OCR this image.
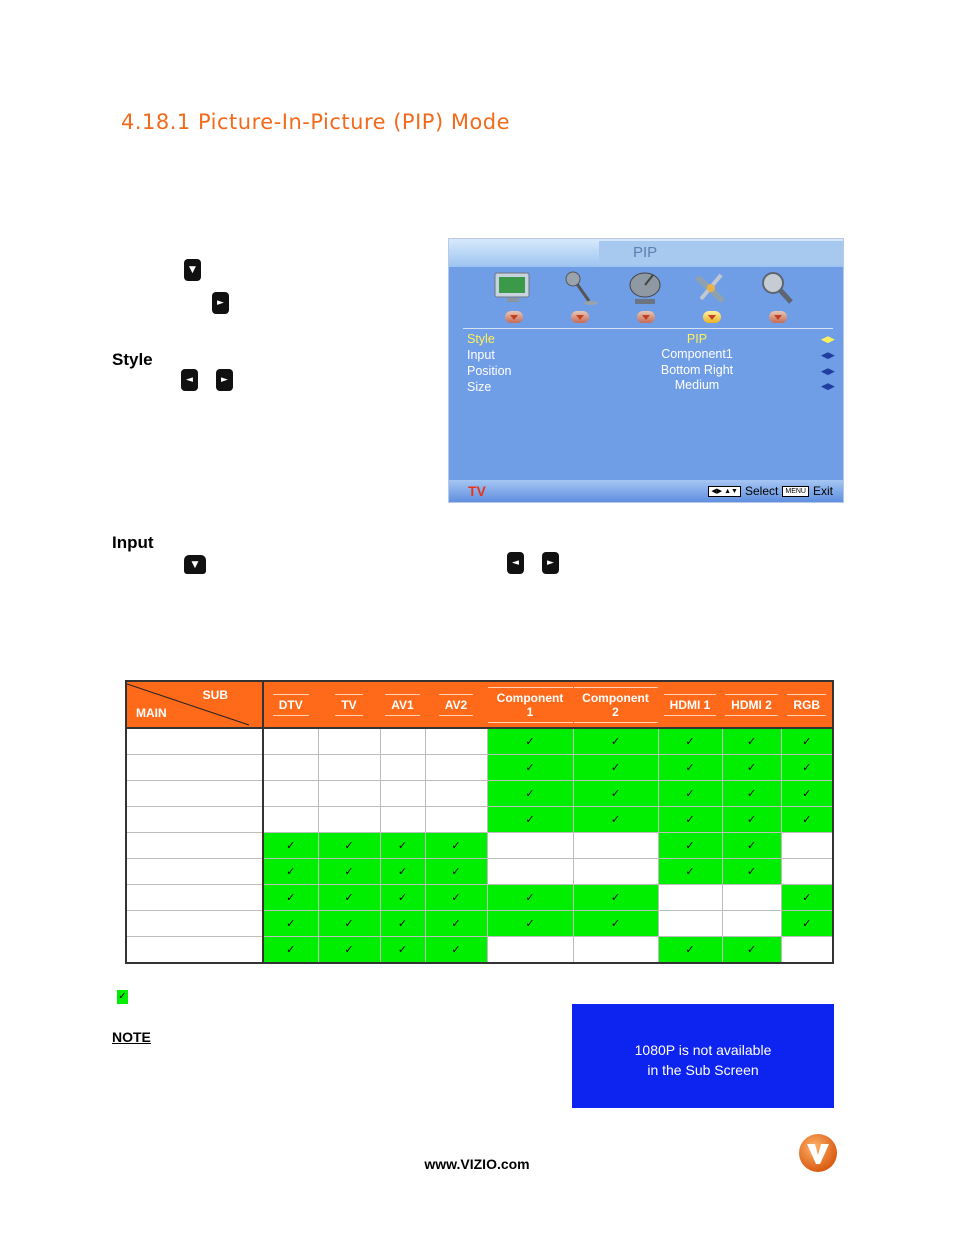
4.18.1 Picture-In-Picture (PIP) Mode
▼
►
Style
◄	►
Input
▼	◄	►
PIP
Style	PIP	◀▶
Input	Component1	◀▶
Position	Bottom Right	◀▶
Size	Medium	◀▶
TV	◀▶ ▲▼ Select	MENU Exit
SUB
MAIN	DTV	TV	AV1	AV2	Component 1	Component 2	HDMI 1	HDMI 2	RGB
					✓	✓	✓	✓	✓
					✓	✓	✓	✓	✓
					✓	✓	✓	✓	✓
					✓	✓	✓	✓	✓
	✓	✓	✓	✓			✓	✓	
	✓	✓	✓	✓			✓	✓	
	✓	✓	✓	✓	✓	✓			✓
	✓	✓	✓	✓	✓	✓			✓
	✓	✓	✓	✓			✓	✓	
✓
NOTE
1080P is not available
in the Sub Screen
www.VIZIO.com
